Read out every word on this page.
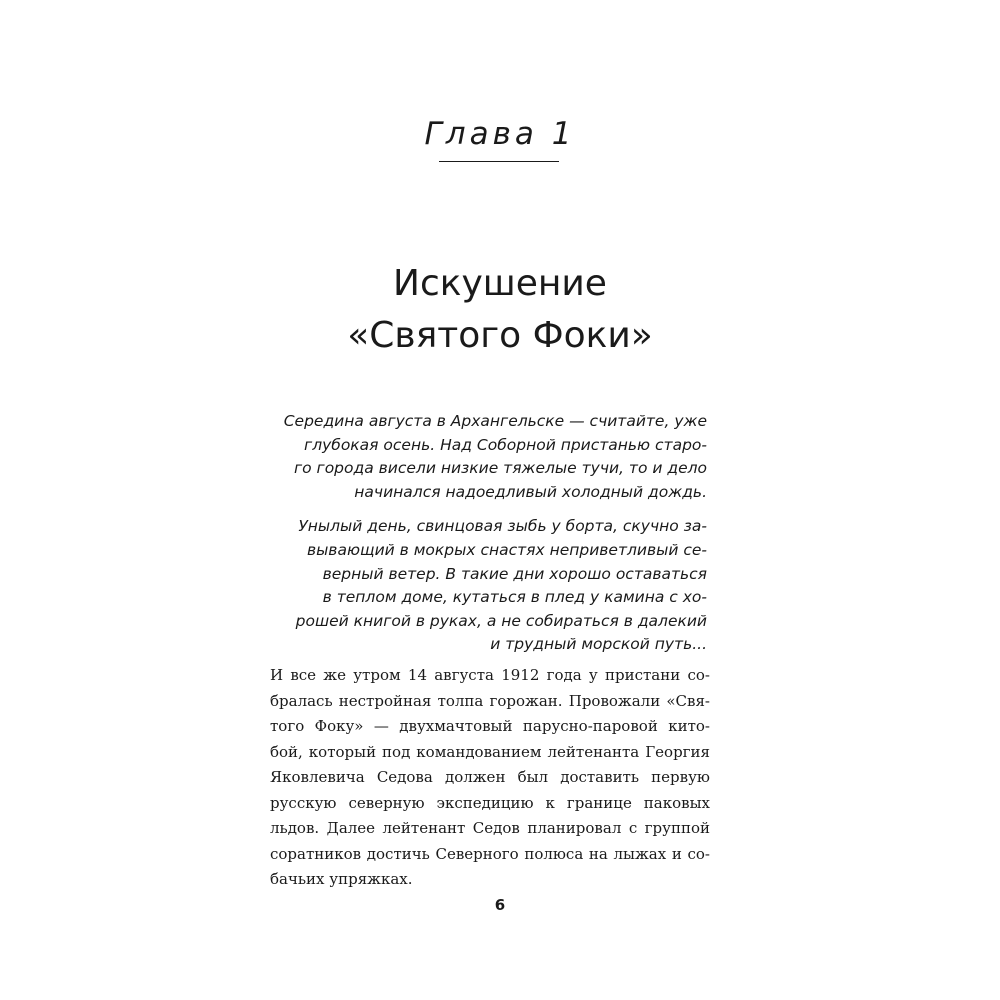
Глава 1
Искушение
«Святого Фоки»

Середина августа в Архангельске — считайте, уже
глубокая осень. Над Соборной пристанью старо-
го города висели низкие тяжелые тучи, то и дело
начинался надоедливый холодный дождь.

Унылый день, свинцовая зыбь у борта, скучно за-
вывающий в мокрых снастях неприветливый се-
верный ветер. В такие дни хорошо оставаться
в теплом доме, кутаться в плед у камина с хо-
рошей книгой в руках, а не собираться в далекий
и трудный морской путь...

И все же утром 14 августа 1912 года у пристани со-
бралась нестройная толпа горожан. Провожали «Свя-
того Фоку» — двухмачтовый парусно-паровой кито-
бой, который под командованием лейтенанта Георгия
Яковлевича Седова должен был доставить первую
русскую северную экспедицию к границе паковых
льдов. Далее лейтенант Седов планировал с группой
соратников достичь Северного полюса на лыжах и со-
бачьих упряжках.
6
